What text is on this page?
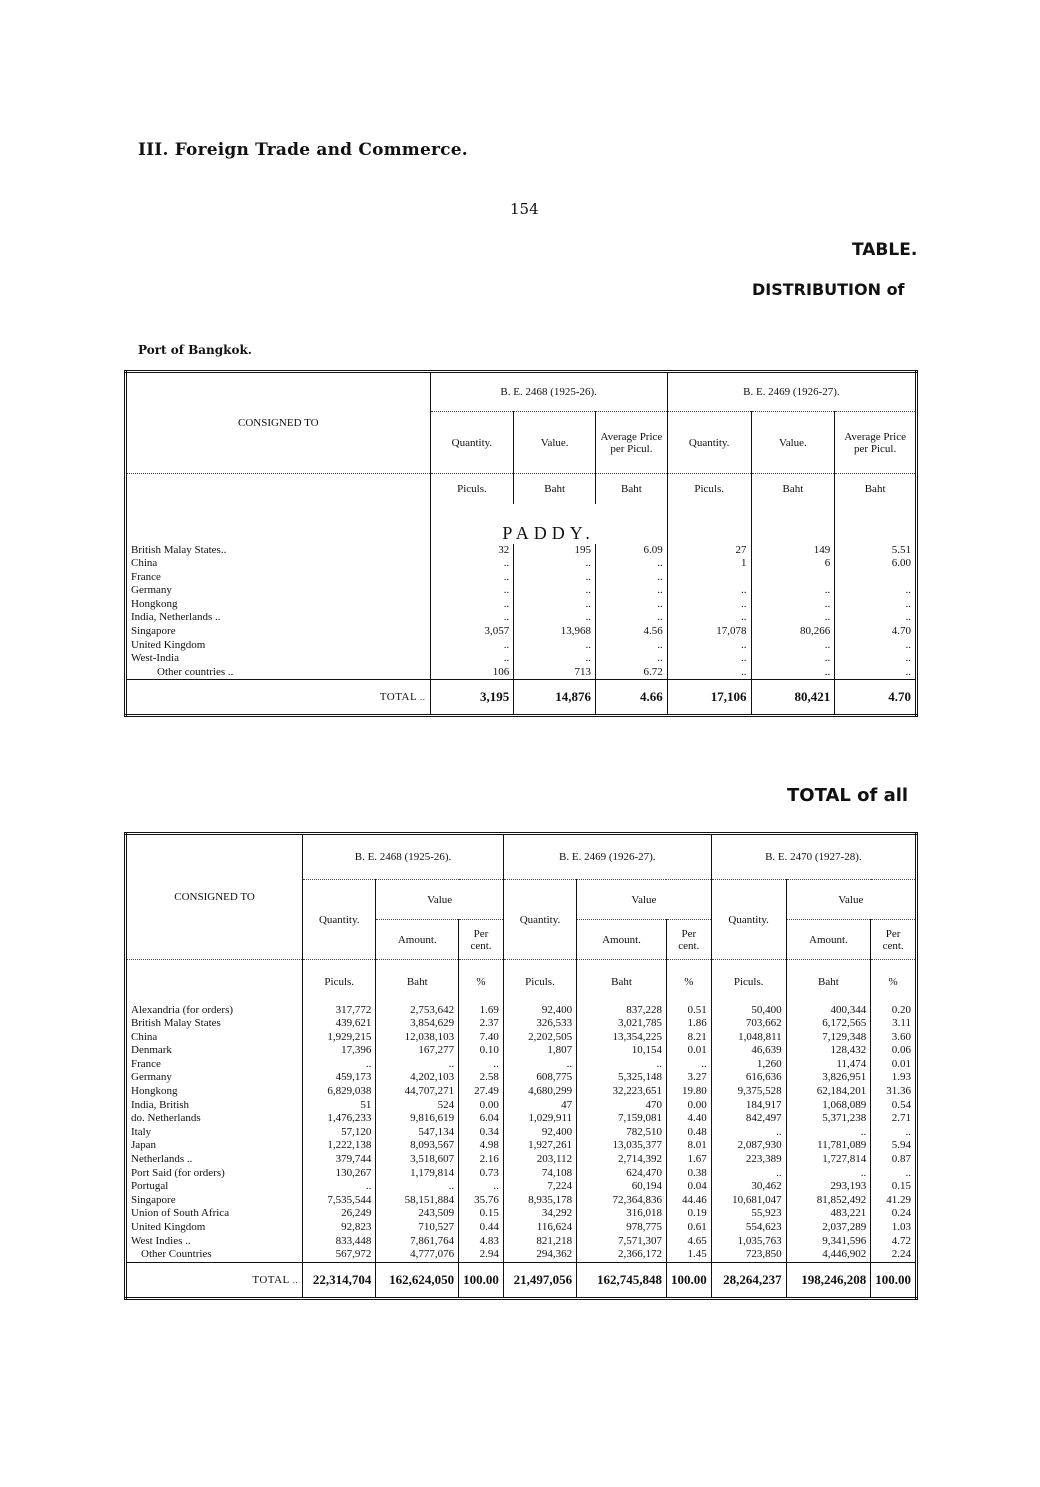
III. Foreign Trade and Commerce.
154
TABLE.
DISTRIBUTION of
Port of Bangkok.
CONSIGNED TO	B. E. 2468 (1925-26).			B. E. 2469 (1926-27).		
	Quantity.	Value.	Average Price per Picul.	Quantity.	Value.	Average Price per Picul.
	Piculs.	Baht	Baht	Piculs.	Baht	Baht
	PADDY.					
British Malay States..	32	195	6.09	27	149	5.51
China	..	..	..	1	6	6.00
France	..	..	..			
Germany	..	..	..	..	..	..
Hongkong	..	..	..	..	..	..
India, Netherlands ..	..	..	..	..	..	..
Singapore	3,057	13,968	4.56	17,078	80,266	4.70
United Kingdom	..	..	..	..	..	..
West-India	..	..	..	..	..	..
Other countries ..	106	713	6.72	..	..	..
TOTAL ..	3,195	14,876	4.66	17,106	80,421	4.70
TOTAL of all
CONSIGNED TO	B. E. 2468 (1925-26).			B. E. 2469 (1926-27).			B. E. 2470 (1927-28).		
	Quantity.	Value		Quantity.	Value		Quantity.	Value	
		Amount.	Per cent.		Amount.	Per cent.		Amount.	Per cent.
	Piculs.	Baht	%	Piculs.	Baht	%	Piculs.	Baht	%
Alexandria (for orders)	317,772	2,753,642	1.69	92,400	837,228	0.51	50,400	400,344	0.20
British Malay States	439,621	3,854,629	2.37	326,533	3,021,785	1.86	703,662	6,172,565	3.11
China	1,929,215	12,038,103	7.40	2,202,505	13,354,225	8.21	1,048,811	7,129,348	3.60
Denmark	17,396	167,277	0.10	1,807	10,154	0.01	46,639	128,432	0.06
France	..	..	..	..	..	..	1,260	11,474	0.01
Germany	459,173	4,202,103	2.58	608,775	5,325,148	3.27	616,636	3,826,951	1.93
Hongkong	6,829,038	44,707,271	27.49	4,680,299	32,223,651	19.80	9,375,528	62,184,201	31.36
India, British	51	524	0.00	47	470	0.00	184,917	1,068,089	0.54
do. Netherlands	1,476,233	9,816,619	6.04	1,029,911	7,159,081	4.40	842,497	5,371,238	2.71
Italy	57,120	547,134	0.34	92,400	782,510	0.48	..	..	..
Japan	1,222,138	8,093,567	4.98	1,927,261	13,035,377	8.01	2,087,930	11,781,089	5.94
Netherlands ..	379,744	3,518,607	2.16	203,112	2,714,392	1.67	223,389	1,727,814	0.87
Port Said (for orders)	130,267	1,179,814	0.73	74,108	624,470	0.38	..	..	..
Portugal	..	..	..	7,224	60,194	0.04	30,462	293,193	0.15
Singapore	7,535,544	58,151,884	35.76	8,935,178	72,364,836	44.46	10,681,047	81,852,492	41.29
Union of South Africa	26,249	243,509	0.15	34,292	316,018	0.19	55,923	483,221	0.24
United Kingdom	92,823	710,527	0.44	116,624	978,775	0.61	554,623	2,037,289	1.03
West Indies ..	833,448	7,861,764	4.83	821,218	7,571,307	4.65	1,035,763	9,341,596	4.72
Other Countries	567,972	4,777,076	2.94	294,362	2,366,172	1.45	723,850	4,446,902	2.24
TOTAL ..	22,314,704	162,624,050	100.00	21,497,056	162,745,848	100.00	28,264,237	198,246,208	100.00
